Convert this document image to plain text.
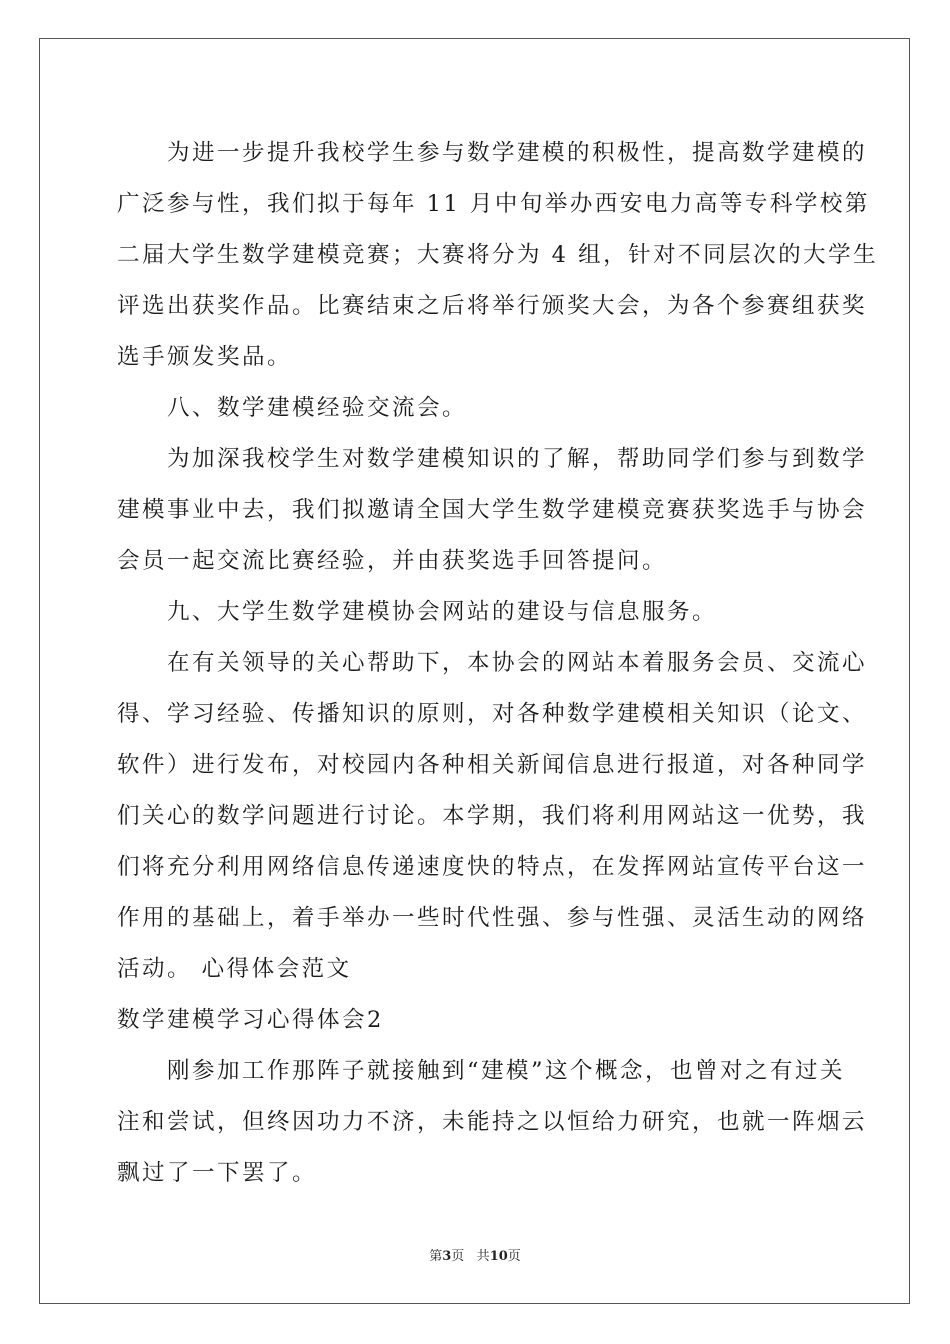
为进一步提升我校学生参与数学建模的积极性，提高数学建模的
广泛参与性，我们拟于每年 11 月中旬举办西安电力高等专科学校第
二届大学生数学建模竞赛；大赛将分为 4 组，针对不同层次的大学生
评选出获奖作品。比赛结束之后将举行颁奖大会，为各个参赛组获奖
选手颁发奖品。
八、数学建模经验交流会。
为加深我校学生对数学建模知识的了解，帮助同学们参与到数学
建模事业中去，我们拟邀请全国大学生数学建模竞赛获奖选手与协会
会员一起交流比赛经验，并由获奖选手回答提问。
九、大学生数学建模协会网站的建设与信息服务。
在有关领导的关心帮助下，本协会的网站本着服务会员、交流心
得、学习经验、传播知识的原则，对各种数学建模相关知识（论文、
软件）进行发布，对校园内各种相关新闻信息进行报道，对各种同学
们关心的数学问题进行讨论。本学期，我们将利用网站这一优势，我
们将充分利用网络信息传递速度快的特点，在发挥网站宣传平台这一
作用的基础上，着手举办一些时代性强、参与性强、灵活生动的网络
活动。 心得体会范文
数学建模学习心得体会2
刚参加工作那阵子就接触到“建模”这个概念，也曾对之有过关
注和尝试，但终因功力不济，未能持之以恒给力研究，也就一阵烟云
飘过了一下罢了。
第3页 共10页
